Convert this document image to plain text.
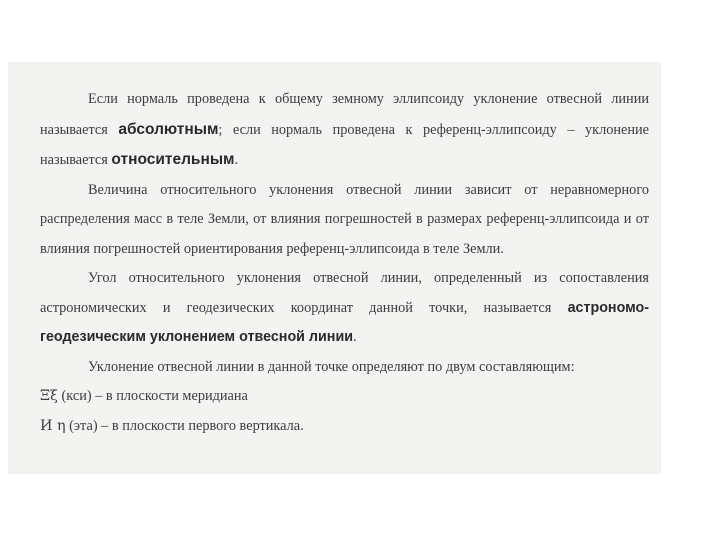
Если нормаль проведена к общему земному эллипсоиду уклонение отвесной линии называется абсолютным; если нормаль проведена к референц-эллипсоиду – уклонение называется относительным.

Величина относительного уклонения отвесной линии зависит от неравномерного распределения масс в теле Земли, от влияния погрешностей в размерах референц-эллипсоида и от влияния погрешностей ориентирования референц-эллипсоида в теле Земли.

Угол относительного уклонения отвесной линии, определенный из сопоставления астрономических и геодезических координат данной точки, называется астрономо-геодезическим уклонением отвесной линии.

Уклонение отвесной линии в данной точке определяют по двум составляющим:

Ξξ (кси) – в плоскости меридиана

И η (эта) – в плоскости первого вертикала.
